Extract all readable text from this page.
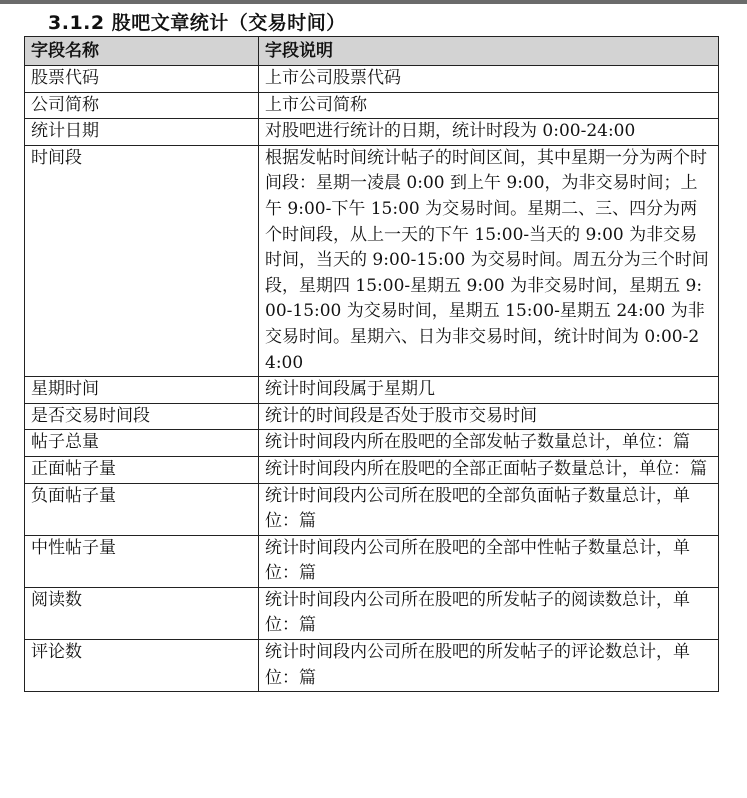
3.1.2 股吧文章统计（交易时间）
字段名称	字段说明
股票代码	上市公司股票代码
公司简称	上市公司简称
统计日期	对股吧进行统计的日期，统计时段为 0:00-24:00
时间段	根据发帖时间统计帖子的时间区间，其中星期一分为两个时间段：星期一凌晨 0:00 到上午 9:00，为非交易时间；上午 9:00-下午 15:00 为交易时间。星期二、三、四分为两个时间段，从上一天的下午 15:00-当天的 9:00 为非交易时间，当天的 9:00-15:00 为交易时间。周五分为三个时间段，星期四 15:00-星期五 9:00 为非交易时间，星期五 9:00-15:00 为交易时间，星期五 15:00-星期五 24:00 为非交易时间。星期六、日为非交易时间，统计时间为 0:00-24:00
星期时间	统计时间段属于星期几
是否交易时间段	统计的时间段是否处于股市交易时间
帖子总量	统计时间段内所在股吧的全部发帖子数量总计，单位：篇
正面帖子量	统计时间段内所在股吧的全部正面帖子数量总计，单位：篇
负面帖子量	统计时间段内公司所在股吧的全部负面帖子数量总计，单位：篇
中性帖子量	统计时间段内公司所在股吧的全部中性帖子数量总计，单位：篇
阅读数	统计时间段内公司所在股吧的所发帖子的阅读数总计，单位：篇
评论数	统计时间段内公司所在股吧的所发帖子的评论数总计，单位：篇
